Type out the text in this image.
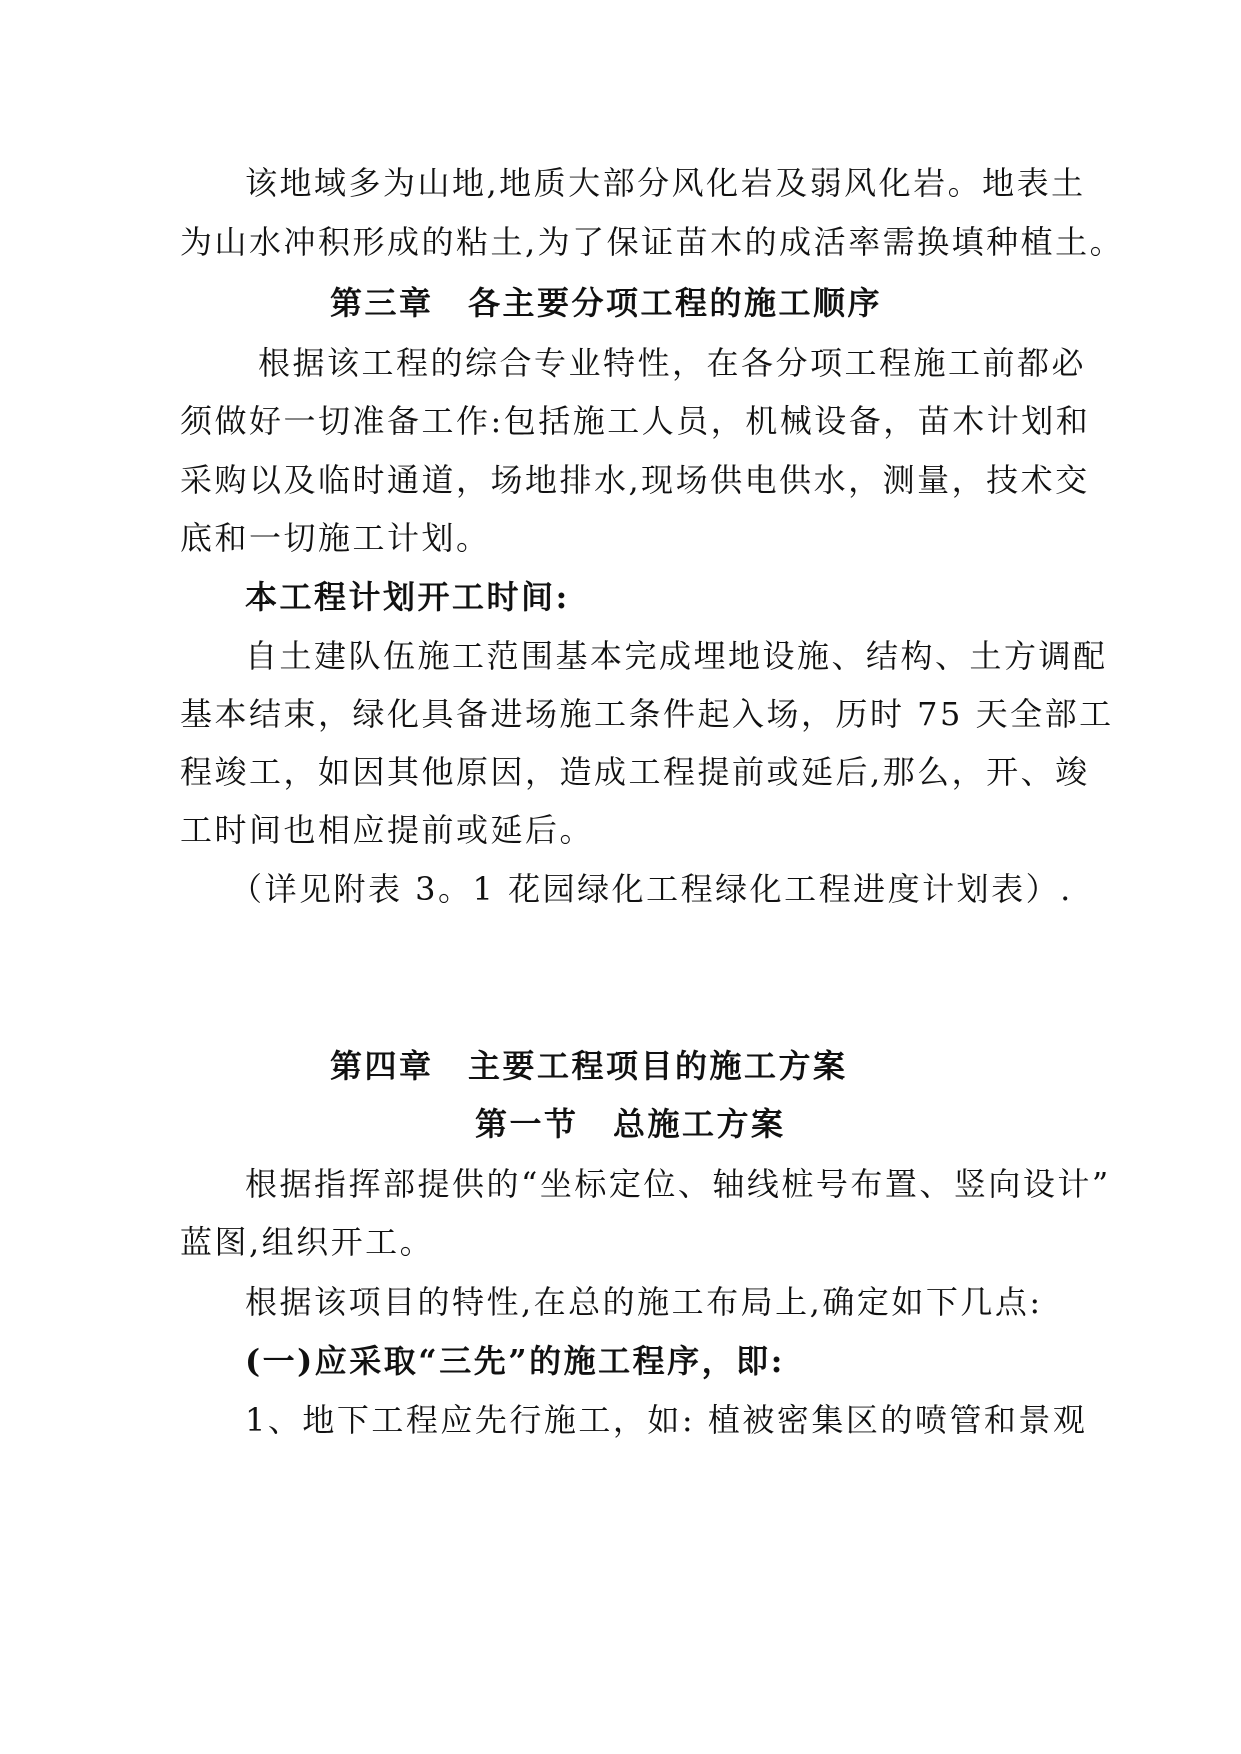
该地域多为山地,地质大部分风化岩及弱风化岩。地表土
为山水冲积形成的粘土,为了保证苗木的成活率需换填种植土。
第三章　各主要分项工程的施工顺序
根据该工程的综合专业特性，在各分项工程施工前都必
须做好一切准备工作:包括施工人员，机械设备，苗木计划和
采购以及临时通道，场地排水,现场供电供水，测量，技术交
底和一切施工计划。
本工程计划开工时间:
自土建队伍施工范围基本完成埋地设施、结构、土方调配
基本结束，绿化具备进场施工条件起入场，历时 75 天全部工
程竣工，如因其他原因，造成工程提前或延后,那么，开、竣
工时间也相应提前或延后。
（详见附表 3。1 花园绿化工程绿化工程进度计划表）.
第四章　主要工程项目的施工方案
第一节　总施工方案
根据指挥部提供的“坐标定位、轴线桩号布置、竖向设计”
蓝图,组织开工。
根据该项目的特性,在总的施工布局上,确定如下几点:
(一)应采取“三先”的施工程序，即:
1、地下工程应先行施工，如: 植被密集区的喷管和景观
